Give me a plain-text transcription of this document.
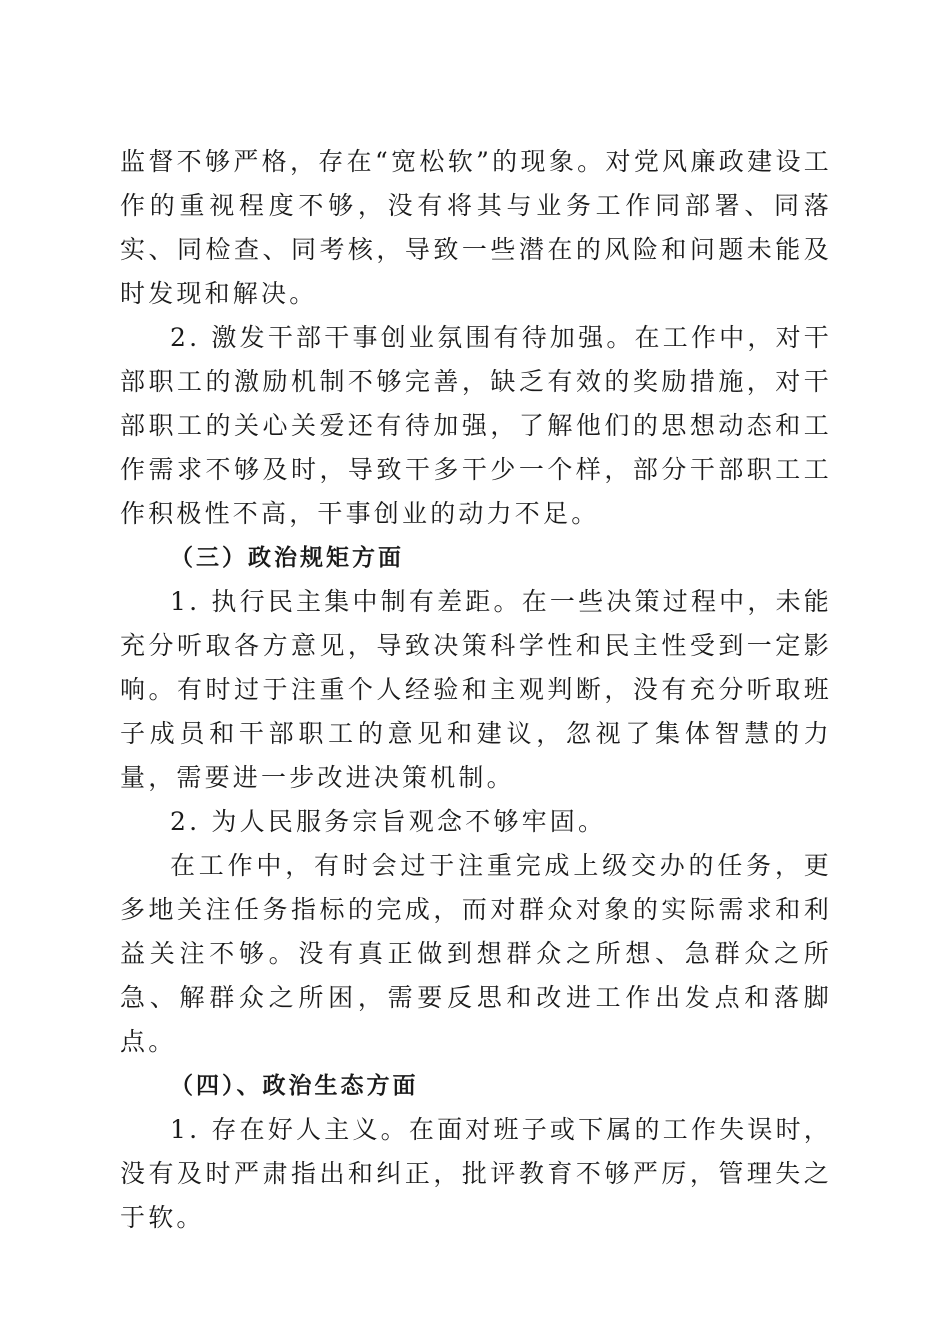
监督不够严格，存在“宽松软”的现象。对党风廉政建设工作的重视程度不够，没有将其与业务工作同部署、同落实、同检查、同考核，导致一些潜在的风险和问题未能及时发现和解决。

2. 激发干部干事创业氛围有待加强。在工作中，对干部职工的激励机制不够完善，缺乏有效的奖励措施，对干部职工的关心关爱还有待加强，了解他们的思想动态和工作需求不够及时，导致干多干少一个样，部分干部职工工作积极性不高，干事创业的动力不足。

（三）政治规矩方面

1. 执行民主集中制有差距。在一些决策过程中，未能充分听取各方意见，导致决策科学性和民主性受到一定影响。有时过于注重个人经验和主观判断，没有充分听取班子成员和干部职工的意见和建议，忽视了集体智慧的力量，需要进一步改进决策机制。

2. 为人民服务宗旨观念不够牢固。

在工作中，有时会过于注重完成上级交办的任务，更多地关注任务指标的完成，而对群众对象的实际需求和利益关注不够。没有真正做到想群众之所想、急群众之所急、解群众之所困，需要反思和改进工作出发点和落脚点。

（四）、政治生态方面

1. 存在好人主义。在面对班子或下属的工作失误时，没有及时严肃指出和纠正，批评教育不够严厉，管理失之于软。
